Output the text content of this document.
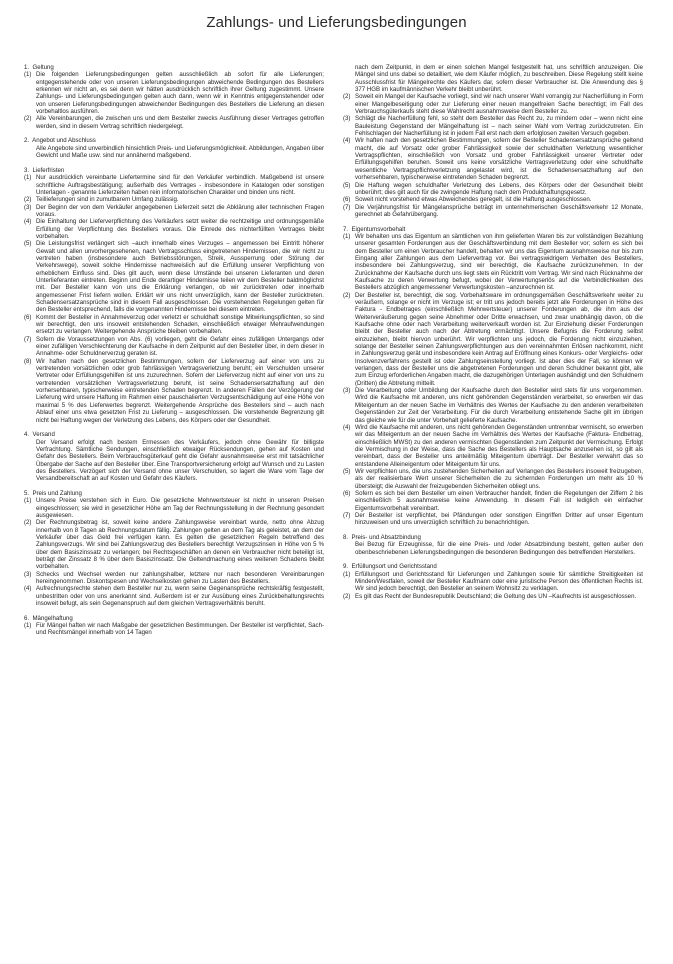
Zahlungs- und Lieferungsbedingungen
1.  Geltung
(1) Die folgenden Lieferungsbedingungen gelten ausschließlich ab sofort für alle Lieferungen; entgegenstehende oder von unseren Lieferungsbedingungen abweichende Bedingungen des Bestellers erkennen wir nicht an, es sei denn wir hätten ausdrücklich schriftlich ihrer Geltung zugestimmt. Unsere Zahlungs- und Lieferungsbedingungen gelten auch dann, wenn wir in Kenntnis entgegenstehender oder von unseren Lieferungsbedingungen abweichender Bedingungen des Bestellers die Lieferung an diesen vorbehaltlos ausführen.
(2) Alle Vereinbarungen, die zwischen uns und dem Besteller zwecks Ausführung dieser Vertrages getroffen werden, sind in diesem Vertrag schriftlich niedergelegt.
2.  Angebot und Abschluss
Alle Angebote sind unverbindlich hinsichtlich Preis- und Lieferungsmöglichkeit. Abbildungen, Angaben über Gewicht und Maße usw. sind nur annähernd maßgebend.
3.  Lieferfristen
(1) Nur ausdrücklich vereinbarte Liefertermine sind für den Verkäufer verbindlich. Maßgebend ist unsere schriftliche Auftragsbestätigung; außerhalb des Vertrages - insbesondere in Katalogen oder sonstigen Unterlagen - genannte Lieferzeiten haben rein informatorischen Charakter und binden uns nicht.
(2) Teillieferungen sind in zumutbarem Umfang zulässig.
(3) Der Beginn der von dem Verkäufer angegebenen Lieferzeit setzt die Abklärung aller technischen Fragen voraus.
(4) Die Einhaltung der Lieferverpflichtung des Verkäufers setzt weiter die rechtzeitige und ordnungsgemäße Erfüllung der Verpflichtung des Bestellers voraus. Die Einrede des nichterfüllten Vertrages bleibt vorbehalten.
(5) Die Leistungsfrist verlängert sich –auch innerhalb eines Verzuges – angemessen bei Eintritt höherer Gewalt und allen unvorhergesehenen, nach Vertragsschluss eingetretenen Hindernissen, die wir nicht zu vertreten haben (insbesondere auch Betriebsstörungen, Streik, Aussperrung oder Störung der Verkehrswege), soweit solche Hindernisse nachweislich auf die Erfüllung unserer Verpflichtung von erheblichem Einfluss sind. Dies gilt auch, wenn diese Umstände bei unseren Lieferanten und deren Unterlieferanten eintreten. Beginn und Ende derartiger Hindernisse teilen wir dem Besteller baldmöglichst mit. Der Besteller kann von uns die Erklärung verlangen, ob wir zurücktreten oder innerhalb angemessener Frist liefern wollen. Erklärt wir uns nicht unverzüglich, kann der Besteller zurücktreten. Schadensersatzansprüche sind in diesem Fall ausgeschlossen. Die vorstehenden Regelungen gelten für den Besteller entsprechend, falls die vorgenannten Hindernisse bei diesem eintreten.
(6) Kommt der Besteller in Annahmeverzug oder verletzt er schuldhaft sonstige Mitwirkungspflichten, so sind wir berechtigt, den uns insoweit entstehenden Schaden, einschließlich etwaiger Mehraufwendungen ersetzt zu verlangen. Weitergehende Ansprüche bleiben vorbehalten.
(7) Sofern die Voraussetzungen von Abs. (6) vorliegen, geht die Gefahr eines zufälligen Untergangs oder einer zufälligen Verschlechterung der Kaufsache in dem Zeitpunkt auf den Besteller über, in dem dieser in Annahme- oder Schuldnerverzug geraten ist.
(8) Wir haften nach den gesetzlichen Bestimmungen, sofern der Lieferverzug auf einer von uns zu vertretenden vorsätzlichen oder grob fahrlässigen Vertragsverletzung beruht; ein Verschulden unserer Vertreter oder Erfüllungsgehilfen ist uns zuzurechnen. Sofern der Lieferverzug nicht auf einer von uns zu vertretenden vorsätzlichen Vertragsverletzung beruht, ist seine Schadensersatzhaftung auf den vorhersehbaren, typischerweise eintretenden Schaden begrenzt. In anderen Fällen der Verzögerung der Lieferung wird unsere Haftung im Rahmen einer pauschalierten Verzugsentschädigung auf eine Höhe von maximal 5 % des Lieferwertes begrenzt. Weitergehende Ansprüche des Bestellers sind – auch nach Ablauf einer uns etwa gesetzten Frist zu Lieferung – ausgeschlossen. Die vorstehende Begrenzung gilt nicht bei Haftung wegen der Verletzung des Lebens, des Körpers oder der Gesundheit.
4.  Versand
Der Versand erfolgt nach bestem Ermessen des Verkäufers, jedoch ohne Gewähr für billigste Verfrachtung. Sämtliche Sendungen, einschließlich etwaiger Rücksendungen, gehen auf Kosten und Gefahr des Bestellers. Beim Verbrauchsgüterkauf geht die Gefahr ausnahmsweise erst mit tatsächlicher Übergabe der Sache auf den Besteller über. Eine Transportversicherung erfolgt auf Wunsch und zu Lasten des Bestellers. Verzögert sich der Versand ohne unser Verschulden, so lagert die Ware vom Tage der Versandbereitschaft an auf Kosten und Gefahr des Käufers.
5.  Preis und Zahlung
(1) Unsere Preise verstehen sich in Euro. Die gesetzliche Mehrwertsteuer ist nicht in unseren Preisen eingeschlossen; sie wird in gesetzlicher Höhe am Tag der Rechnungsstellung in der Rechnung gesondert ausgewiesen.
(2) Der Rechnungsbetrag ist, soweit keine andere Zahlungsweise vereinbart wurde, netto ohne Abzug innerhalb von 8 Tagen ab Rechnungsdatum fällig. Zahlungen gelten an dem Tag als geleistet, an dem der Verkäufer über das Geld frei verfügen kann. Es gelten die gesetzlichen Regeln betreffend des Zahlungsverzugs. Wir sind bei Zahlungsverzug des Bestellers berechtigt Verzugszinsen in Höhe von 5 % über dem Basiszinssatz zu verlangen; bei Rechtsgeschäften an denen ein Verbraucher nicht beteiligt ist, beträgt der Zinssatz 8 % über dem Basiszinssatz. Die Geltendmachung eines weiteren Schadens bleibt vorbehalten.
(3) Schecks und Wechsel werden nur zahlungshalber, letztere nur nach besonderen Vereinbarungen hereingenommen. Diskontspesen und Wechselkosten gehen zu Lasten des Bestellers.
(4) Aufrechnungsrechte stehen dem Besteller nur zu, wenn seine Gegenansprüche rechtskräftig festgestellt, unbestritten oder von uns anerkannt sind. Außerdem ist er zur Ausübung eines Zurückbehaltungsrechts insoweit befugt, als sein Gegenanspruch auf dem gleichen Vertragsverhältnis beruht.
6.  Mängelhaftung
(1) Für Mängel haften wir nach Maßgabe der gesetzlichen Bestimmungen. Der Besteller ist verpflichtet, Sach- und Rechtsmängel innerhalb von 14 Tagen
nach dem Zeitpunkt, in dem er einen solchen Mangel festgestellt hat, uns schriftlich anzuzeigen. Die Mängel sind uns dabei so detailliert, wie dem Käufer möglich, zu beschreiben. Diese Regelung stellt keine Ausschlussfrist für Mängelrechte des Käufers dar, sofern dieser Verbraucher ist. Die Anwendung des § 377 HGB im kaufmännischen Verkehr bleibt unberührt.
(2) Soweit ein Mangel der Kaufsache vorliegt, sind wir nach unserer Wahl vorrangig zur Nacherfüllung in Form einer Mangelbeseitigung oder zur Lieferung einer neuen mangelfreien Sache berechtigt; im Fall des Verbrauchsgüterkaufs steht diese Wahlrecht ausnahmsweise dem Besteller zu.
(3) Schlägt die Nacherfüllung fehl, so steht dem Besteller das Recht zu, zu mindern oder – wenn nicht eine Bauleistung Gegenstand der Mängelhaftung ist – nach seiner Wahl vom Vertrag zurückzutreten. Ein Fehlschlagen der Nacherfüllung ist in jedem Fall erst nach dem erfolglosen zweiten Versuch gegeben.
(4) Wir haften nach den gesetzlichen Bestimmungen, sofern der Besteller Schadensersatzansprüche geltend macht, die auf Vorsatz oder grober Fahrlässigkeit sowie der schuldhaften Verletzung wesentlicher Vertragspflichten, einschließlich von Vorsatz und grober Fahrlässigkeit unserer Vertreter oder Erfüllungsgehilfen beruhen. Soweit uns keine vorsätzliche Vertragsverletzung oder eine schuldhafte wesentliche Vertragspflichtverletzung angelastet wird, ist die Schadensersatzhaftung auf den vorhersehbaren, typischerweise eintretenden Schaden begrenzt.
(5) Die Haftung wegen schuldhafter Verletzung des Lebens, des Körpers oder der Gesundheit bleibt unberührt; dies gilt auch für die zwingende Haftung nach dem Produkthaftungsgesetz.
(6) Soweit nicht vorstehend etwas Abweichendes geregelt, ist die Haftung ausgeschlossen.
(7) Die Verjährungsfrist für Mängelansprüche beträgt im unternehmerischen Geschäftsverkehr 12 Monate, gerechnet ab Gefahrübergang.
7.  Eigentumsvorbehalt
(1) Wir behalten uns das Eigentum an sämtlichen von ihm gelieferten Waren bis zur vollständigen Bezahlung unserer gesamten Forderungen aus der Geschäftsverbindung mit dem Besteller vor; sofern es sich bei dem Besteller um einen Verbraucher handelt, behalten wir uns das Eigentum ausnahmsweise nur bis zum Eingang aller Zahlungen aus dem Liefervertrag vor. Bei vertragswidrigem Verhalten des Bestellers, insbesondere bei Zahlungsverzug, sind wir berechtigt, die Kaufsache zurückzunehmen. In der Zurücknahme der Kaufsache durch uns liegt stets ein Rücktritt vom Vertrag. Wir sind nach Rücknahme der Kaufsache zu deren Verwertung befugt, wobei der Verwertungserlös auf die Verbindlichkeiten des Bestellers abzüglich angemessener Verwertungskosten –anzurechnen ist.
(2) Der Besteller ist, berechtigt, die sog. Vorbehaltsware im ordnungsgemäßen Geschäftsverkehr weiter zu veräußern, solange er nicht im Verzuge ist; er tritt uns jedoch bereits jetzt alle Forderungen in Höhe des Faktura - Endbetrages (einschließlich Mehrwertsteuer) unserer Forderungen ab, die ihm aus der Weiterveräußerung gegen seine Abnehmer oder Dritte erwachsen, und zwar unabhängig davon, ob die Kaufsache ohne oder nach Verarbeitung weiterverkauft worden ist. Zur Einziehung dieser Forderungen bleibt der Besteller auch nach der Abtretung ermächtigt. Unsere Befugnis die Forderung selbst einzuziehen, bleibt hiervon unberührt. Wir verpflichten uns jedoch, die Forderung nicht einzuziehen, solange der Besteller seinen Zahlungsverpflichtungen aus den vereinnahmten Erlösen nachkommt, nicht in Zahlungsverzug gerät und insbesondere kein Antrag auf Eröffnung eines Konkurs- oder Vergleichs- oder Insolvenzverfahrens gestellt ist oder Zahlungseinstellung vorliegt. Ist aber dies der Fall, so können wir verlangen, dass der Besteller uns die abgetretenen Forderungen und deren Schuldner bekannt gibt, alle zum Einzug erforderlichen Angaben macht, die dazugehörigen Unterlagen aushändigt und den Schuldnern (Dritten) die Abtretung mitteilt.
(3) Die Verarbeitung oder Umbildung der Kaufsache durch den Besteller wird stets für uns vorgenommen. Wird die Kaufsache mit anderen, uns nicht gehörenden Gegenständen verarbeitet, so erwerben wir das Miteigentum an der neuen Sache im Verhältnis des Wertes der Kaufsache zu den anderen verarbeiteten Gegenständen zur Zeit der Verarbeitung. Für die durch Verarbeitung entstehende Sache gilt im übrigen das gleiche wie für die unter Vorbehalt gelieferte Kaufsache.
(4) Wird die Kaufsache mit anderen, uns nicht gehörenden Gegenständen untrennbar vermischt, so erwerben wir das Miteigentum an der neuen Sache im Verhältnis des Wertes der Kaufsache (Faktura- Endbetrag, einschließlich MWSt) zu den anderen vermischten Gegenständen zum Zeitpunkt der Vermischung. Erfolgt die Vermischung in der Weise, dass die Sache des Bestellers als Hauptsache anzusehen ist, so gilt als vereinbart, dass der Besteller uns anteilmäßig Miteigentum überträgt. Der Besteller verwahrt das so entstandene Alleineigentum oder Miteigentum für uns.
(5) Wir verpflichten uns, die uns zustehenden Sicherheiten auf Verlangen des Bestellers insoweit freizugeben, als der realisierbare Wert unserer Sicherheiten die zu sichernden Forderungen um mehr als 10 % übersteigt; die Auswahl der freizugebenden Sicherheiten obliegt uns.
(6) Sofern es sich bei dem Besteller um einen Verbraucher handelt, finden die Regelungen der Ziffern 2 bis einschließlich 5 ausnahmsweise keine Anwendung. In diesem Fall ist lediglich ein einfacher Eigentumsvorbehalt vereinbart.
(7) Der Besteller ist verpflichtet, bei Pfändungen oder sonstigen Eingriffen Dritter auf unser Eigentum hinzuweisen und uns unverzüglich schriftlich zu benachrichtigen.
8.  Preis- und Absatzbindung
Bei Bezug für Erzeugnisse, für die eine Preis- und /oder Absatzbindung besteht, gelten außer den obenbeschriebenen Lieferungsbedingungen die besonderen Bedingungen des betreffenden Herstellers.
9.  Erfüllungsort und Gerichtsstand
(1) Erfüllungsort und Gerichtsstand für Lieferungen und Zahlungen sowie für sämtliche Streitigkeiten ist Minden/Westfalen, soweit der Besteller Kaufmann oder eine juristische Person des öffentlichen Rechts ist. Wir sind jedoch berechtigt, den Besteller an seinem Wohnsitz zu verklagen.
(2) Es gilt das Recht der Bundesrepublik Deutschland; die Geltung des UN –Kaufrechts ist ausgeschlossen.
